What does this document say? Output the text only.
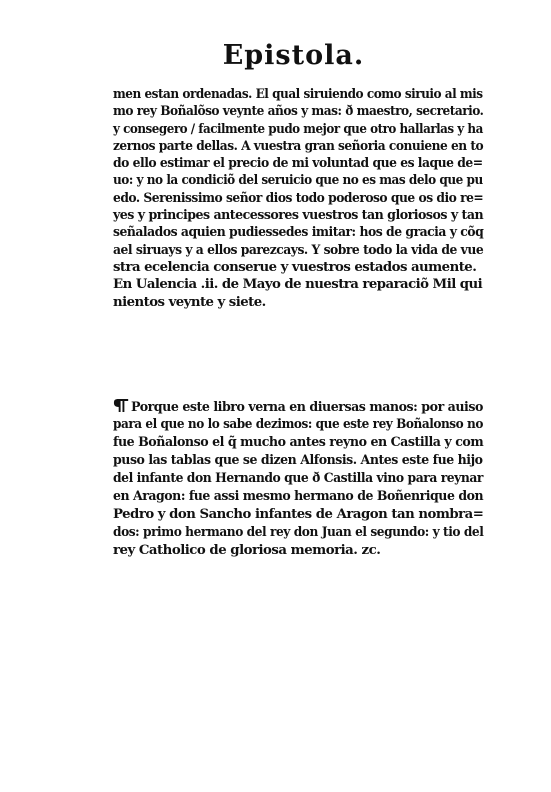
Epistola.
men estan ordenadas. El qual siruiendo como siruio al mis
mo rey Boñalõso veynte años y mas: ð maestro, secretario.
y consegero / facilmente pudo mejor que otro hallarlas y ha
zernos parte dellas. A vuestra gran señoria conuiene en to
do ello estimar el precio de mi voluntad que es laque de=
uo: y no la condiciõ del seruicio que no es mas delo que pu
edo. Serenissimo señor dios todo poderoso que os dio re=
yes y principes antecessores vuestros tan gloriosos y tan
señalados aquien pudiessedes imitar: hos de gracia y cõq
ael siruays y a ellos parezcays. Y sobre todo la vida de vue
stra ecelencia conserue y vuestros estados aumente.
En Ualencia .ii. de Mayo de nuestra reparaciõ Mil qui
nientos veynte y siete.
Porque este libro verna en diuersas manos: por auiso
para el que no lo sabe dezimos: que este rey Boñalonso no
fue Boñalonso el q̃ mucho antes reyno en Castilla y com
puso las tablas que se dizen Alfonsis. Antes este fue hijo
del infante don Hernando que ð Castilla vino para reynar
en Aragon: fue assi mesmo hermano de Boñenrique don
Pedro y don Sancho infantes de Aragon tan nombra=
dos: primo hermano del rey don Juan el segundo: y tio del
rey Catholico de gloriosa memoria. zc.
